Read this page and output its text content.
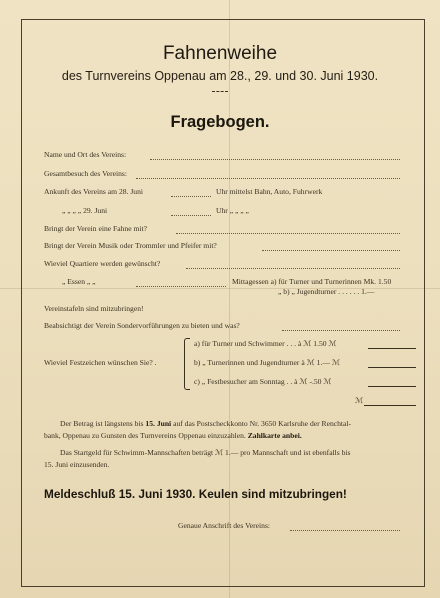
Fahnenweihe
des Turnvereins Oppenau am 28., 29. und 30. Juni 1930.
Fragebogen.
Name und Ort des Vereins:
Gesamtbesuch des Vereins:
Ankunft des Vereins am 28. Juni	Uhr mittelst Bahn, Auto, Fuhrwerk
„ „ „ „ 29. Juni	Uhr „ „ „ „
Bringt der Verein eine Fahne mit?
Bringt der Verein Musik oder Trommler und Pfeifer mit?
Wieviel Quartiere werden gewünscht?
„ Essen „ „	Mittagessen a) für Turner und Turnerinnen Mk. 1.50
„ b) „ Jugendturner . . . . . . 1.—
Vereinstafeln sind mitzubringen!
Beabsichtigt der Verein Sondervorführungen zu bieten und was?
Wieviel Festzeichen wünschen Sie? .
a) für Turner und Schwimmer . . . à ℳ 1.50 ℳ
b) „ Turnerinnen und Jugendturner à ℳ 1.— ℳ
c) „ Festbesucher am Sonntag . . à ℳ -.50 ℳ
ℳ
Der Betrag ist längstens bis 15. Juni auf das Postscheckkonto Nr. 3650 Karlsruhe der Renchtal-
bank, Oppenau zu Gunsten des Turnvereins Oppenau einzuzahlen. Zahlkarte anbei.
Das Startgeld für Schwimm-Mannschaften beträgt ℳ 1.— pro Mannschaft und ist ebenfalls bis
15. Juni einzusenden.
Meldeschluß 15. Juni 1930. Keulen sind mitzubringen!
Genaue Anschrift des Vereins:
